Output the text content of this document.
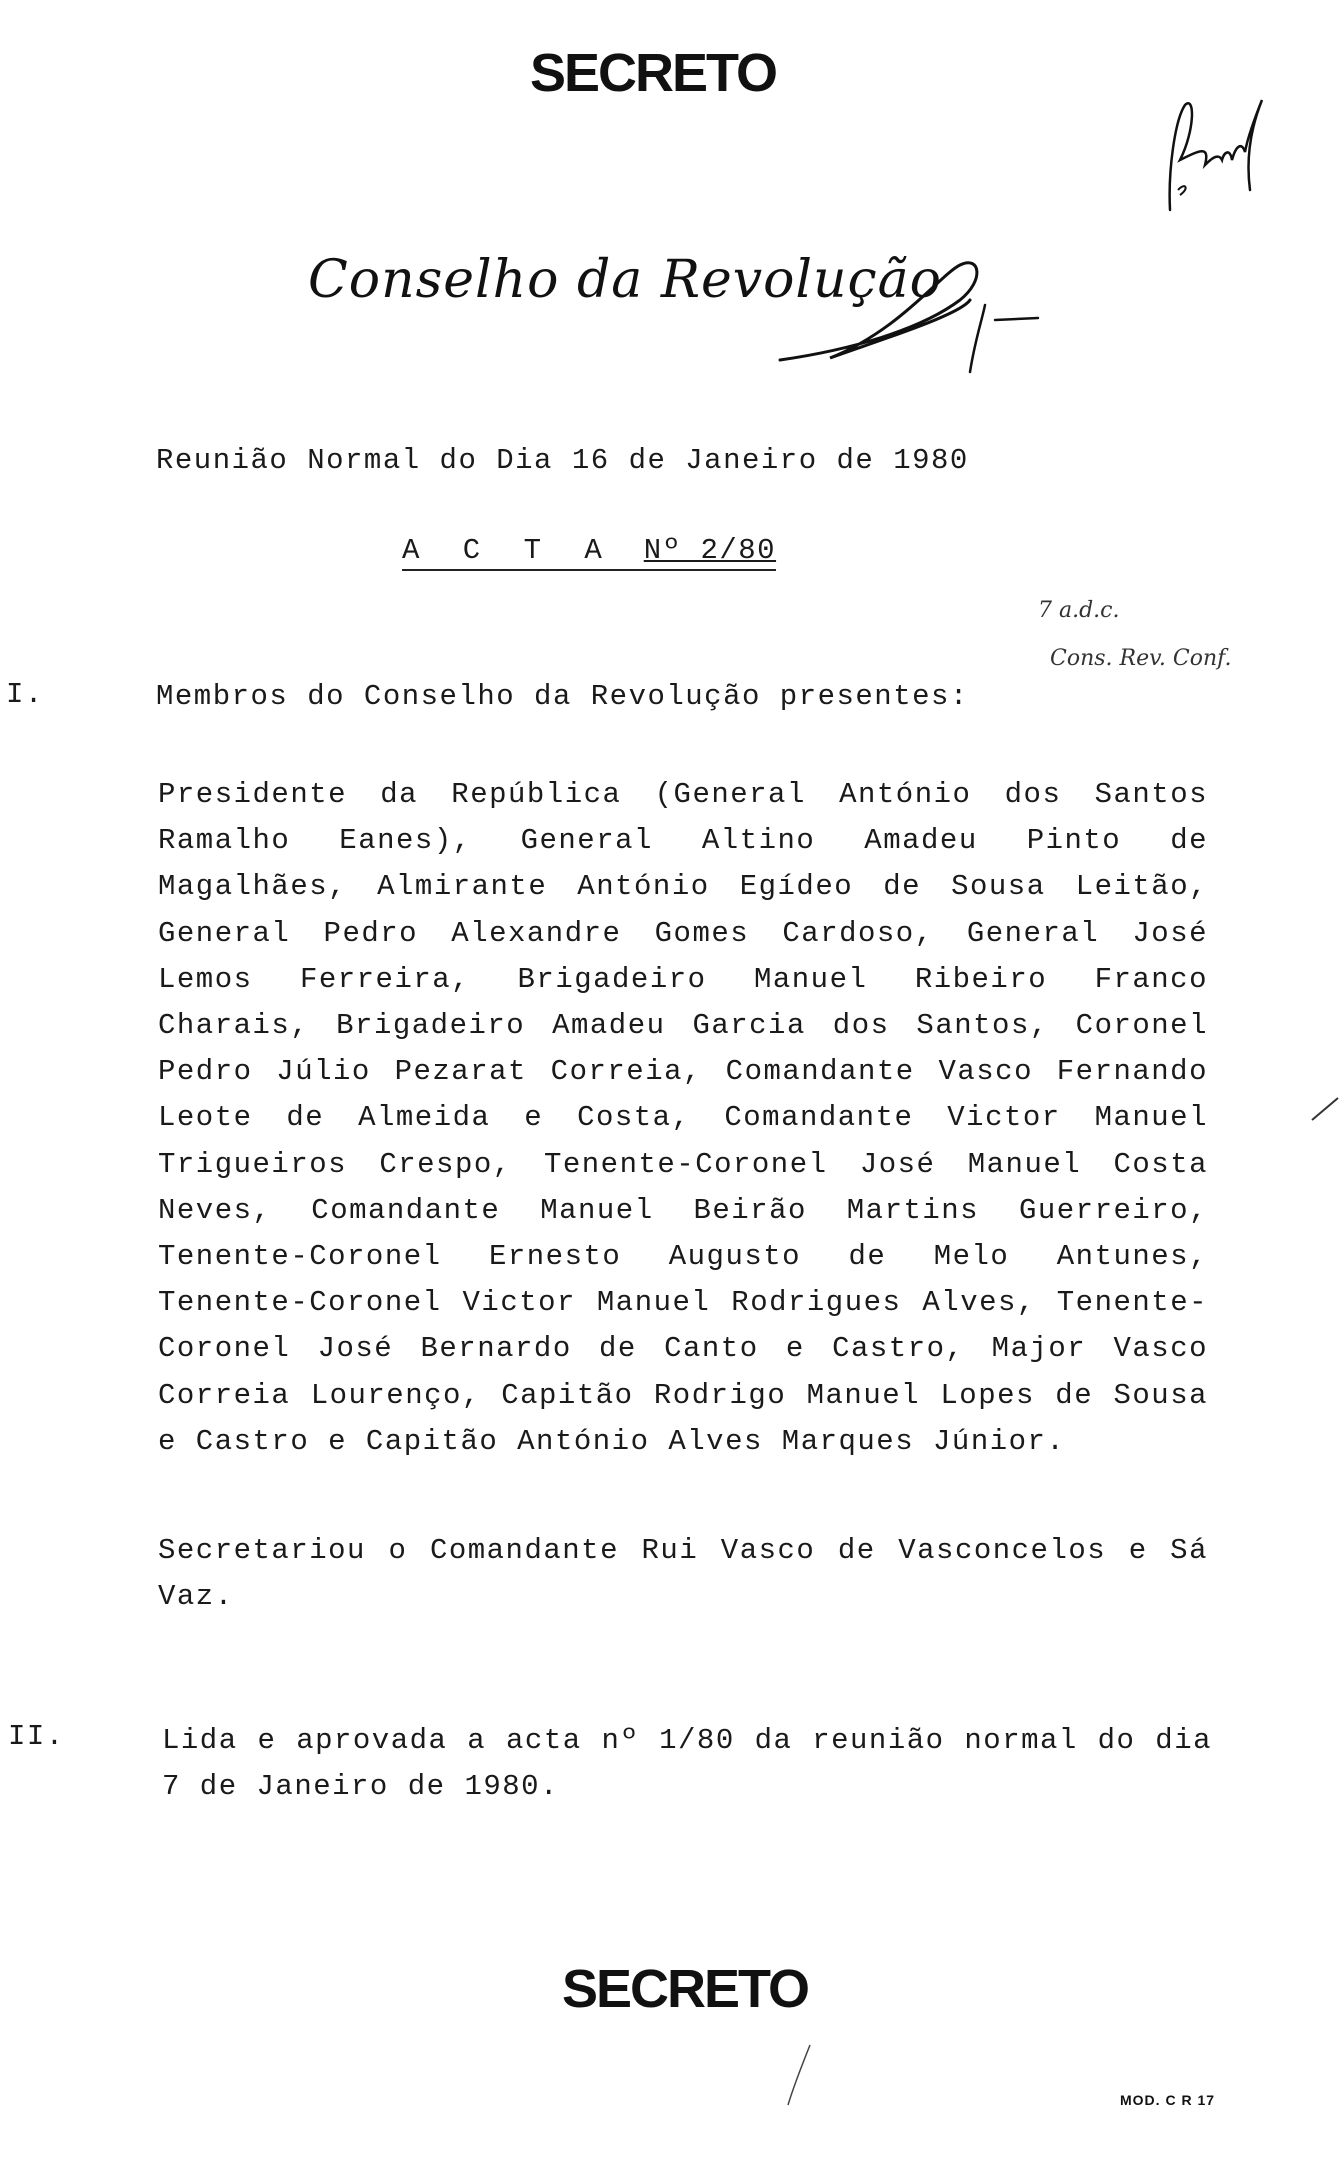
SECRETO
Conselho da Revolução
Reunião Normal do Dia 16 de Janeiro de 1980
A C T A Nº 2/80
7 a.d.c.
Cons. Rev. Conf.
I.	Membros do Conselho da Revolução presentes:
Presidente da República (General António dos Santos Ramalho Eanes), General Altino Amadeu Pinto de Magalhães, Almirante António Egídeo de Sousa Leitão, General Pedro Alexandre Gomes Cardoso, General José Lemos Ferreira, Brigadeiro Manuel Ribeiro Franco Charais, Brigadeiro Amadeu Garcia dos Santos, Coronel Pedro Júlio Pezarat Correia, Comandante Vasco Fernando Leote de Almeida e Costa, Comandante Victor Manuel Trigueiros Crespo, Tenente-Coronel José Manuel Costa Neves, Comandante Manuel Beirão Martins Guerreiro, Tenente-Coronel Ernesto Augusto de Melo Antunes, Tenente-Coronel Victor Manuel Rodrigues Alves, Tenente-Coronel José Bernardo de Canto e Castro, Major Vasco Correia Lourenço, Capitão Rodrigo Manuel Lopes de Sousa e Castro e Capitão António Alves Marques Júnior.
Secretariou o Comandante Rui Vasco de Vasconcelos e Sá Vaz.
II.	Lida e aprovada a acta nº 1/80 da reunião normal do dia 7 de Janeiro de 1980.
SECRETO
MOD. C R 17
